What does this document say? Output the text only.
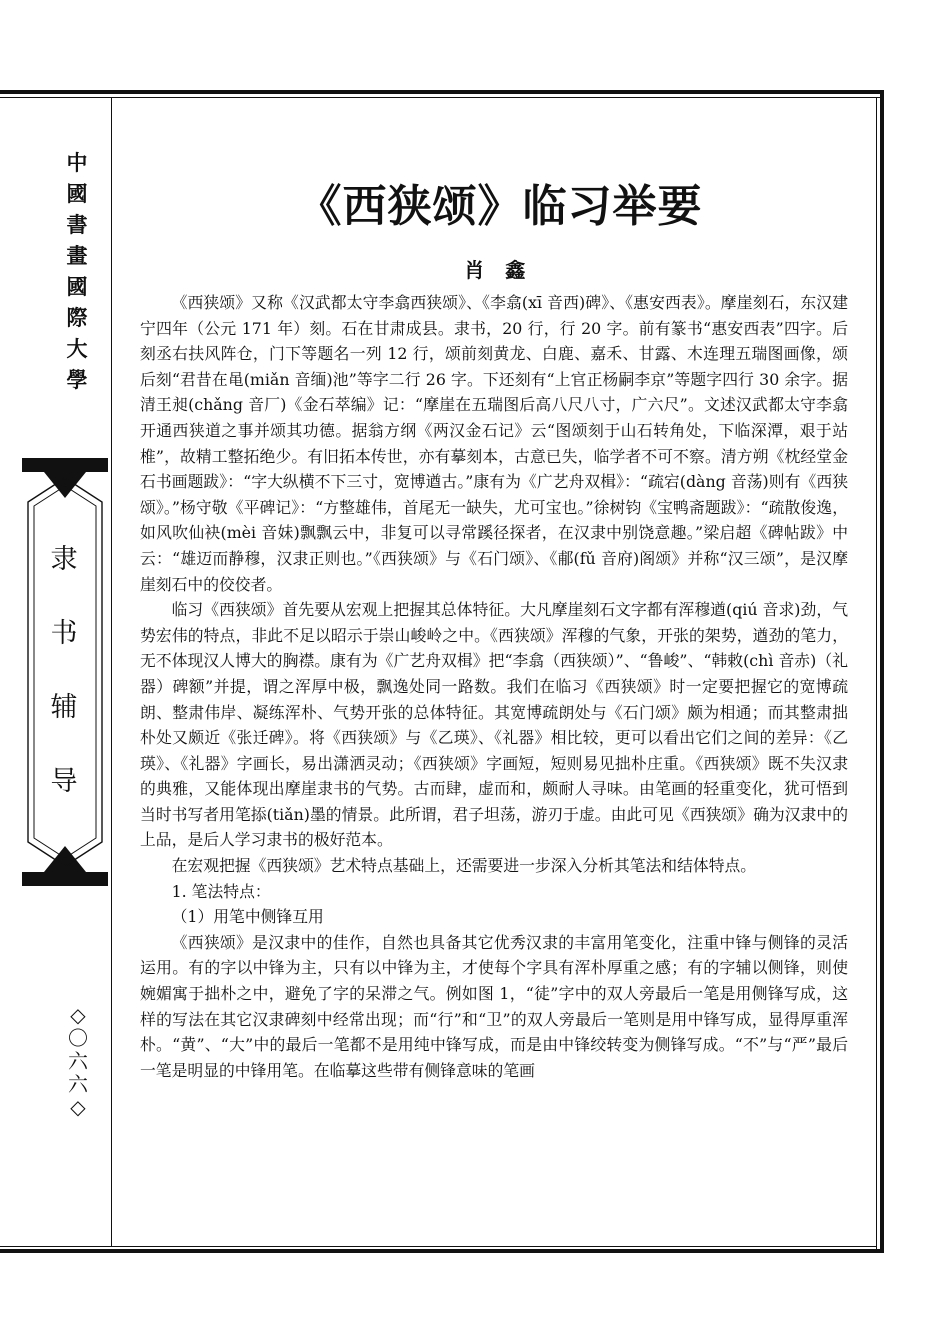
中
國
書
畫
國
際
大
學
隶
书
辅
导
◇
〇
六
六
◇
《西狭颂》临习举要
肖　鑫

《西狭颂》又称《汉武都太守李翕西狭颂》、《李翕(xī 音西)碑》、《惠安西表》。摩崖刻石，东汉建宁四年（公元 171 年）刻。石在甘肃成县。隶书，20 行，行 20 字。前有篆书“惠安西表”四字。后刻丞右扶风阵仓，门下等题名一列 12 行，颂前刻黄龙、白鹿、嘉禾、甘露、木连理五瑞图画像，颂后刻“君昔在黾(miǎn 音缅)池”等字二行 26 字。下还刻有“上官正杨嗣李京”等题字四行 30 余字。据清王昶(chǎng 音厂)《金石萃编》记：“摩崖在五瑞图后高八尺八寸，广六尺”。文述汉武都太守李翕开通西狭道之事并颂其功德。据翁方纲《两汉金石记》云“图颂刻于山石转角处，下临深潭，艰于站椎”，故精工整拓绝少。有旧拓本传世，亦有摹刻本，古意已失，临学者不可不察。清方朔《枕经堂金石书画题跋》：“字大纵横不下三寸，宽博遒古。”康有为《广艺舟双楫》：“疏宕(dàng 音荡)则有《西狭颂》。”杨守敬《平碑记》：“方整雄伟，首尾无一缺失，尤可宝也。”徐树钧《宝鸭斋题跋》：“疏散俊逸，如风吹仙袂(mèi 音妹)飘飘云中，非复可以寻常蹊径探者，在汉隶中别饶意趣。”梁启超《碑帖跋》中云：“雄迈而静穆，汉隶正则也。”《西狭颂》与《石门颂》、《郙(fǔ 音府)阁颂》并称“汉三颂”，是汉摩崖刻石中的佼佼者。

临习《西狭颂》首先要从宏观上把握其总体特征。大凡摩崖刻石文字都有浑穆遒(qiú 音求)劲，气势宏伟的特点，非此不足以昭示于崇山峻岭之中。《西狭颂》浑穆的气象，开张的架势，遒劲的笔力，无不体现汉人博大的胸襟。康有为《广艺舟双楫》把“李翕（西狭颂）”、“鲁峻”、“韩敕(chì 音赤)（礼器）碑额”并提，谓之浑厚中极，飘逸处同一路数。我们在临习《西狭颂》时一定要把握它的宽博疏朗、整肃伟岸、凝练浑朴、气势开张的总体特征。其宽博疏朗处与《石门颂》颇为相通；而其整肃拙朴处又颇近《张迁碑》。将《西狭颂》与《乙瑛》、《礼器》相比较，更可以看出它们之间的差异：《乙瑛》、《礼器》字画长，易出潇洒灵动；《西狭颂》字画短，短则易见拙朴庄重。《西狭颂》既不失汉隶的典雅，又能体现出摩崖隶书的气势。古而肆，虚而和，颇耐人寻味。由笔画的轻重变化，犹可悟到当时书写者用笔掭(tiǎn)墨的情景。此所谓，君子坦荡，游刃于虚。由此可见《西狭颂》确为汉隶中的上品，是后人学习隶书的极好范本。

在宏观把握《西狭颂》艺术特点基础上，还需要进一步深入分析其笔法和结体特点。

1. 笔法特点：

（1）用笔中侧锋互用

《西狭颂》是汉隶中的佳作，自然也具备其它优秀汉隶的丰富用笔变化，注重中锋与侧锋的灵活运用。有的字以中锋为主，只有以中锋为主，才使每个字具有浑朴厚重之感；有的字辅以侧锋，则使婉媚寓于拙朴之中，避免了字的呆滞之气。例如图 1，“徒”字中的双人旁最后一笔是用侧锋写成，这样的写法在其它汉隶碑刻中经常出现；而“行”和“卫”的双人旁最后一笔则是用中锋写成，显得厚重浑朴。“黄”、“大”中的最后一笔都不是用纯中锋写成，而是由中锋绞转变为侧锋写成。“不”与“严”最后一笔是明显的中锋用笔。在临摹这些带有侧锋意味的笔画
